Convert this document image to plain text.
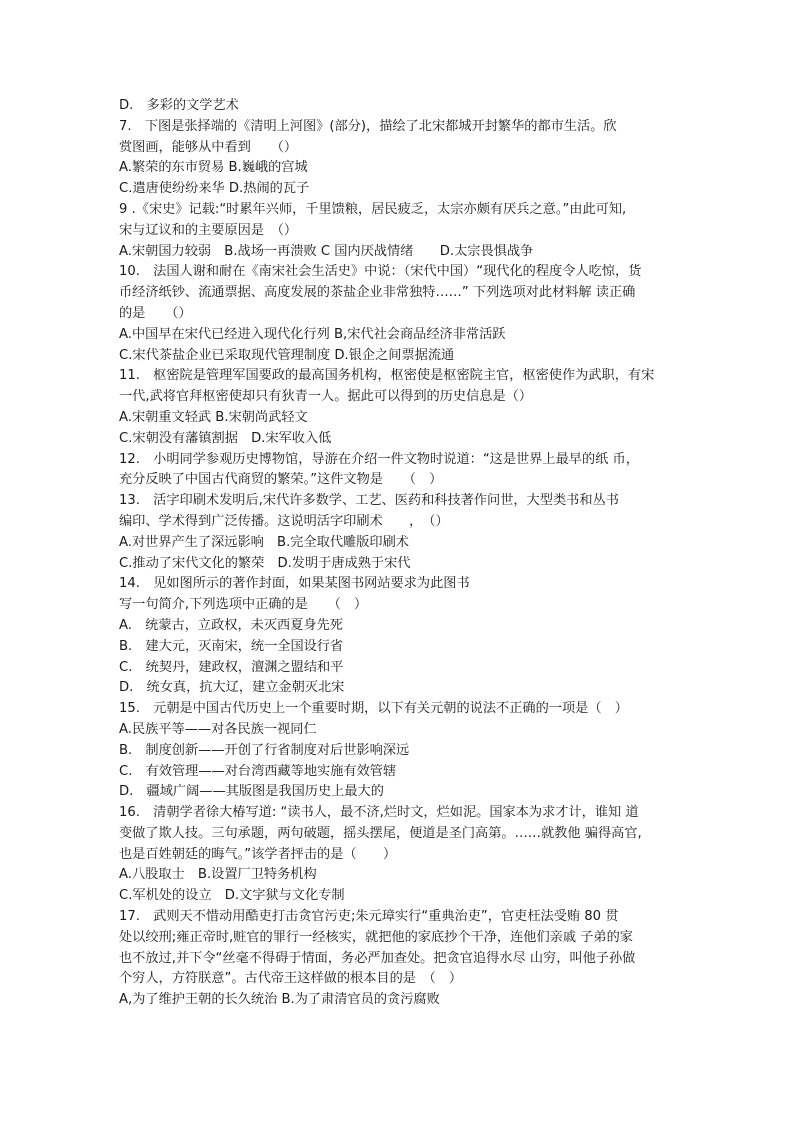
D.　多彩的文学艺术
7.　下图是张择端的《清明上河图》(部分)，描绘了北宋都城开封繁华的都市生活。欣
赏图画，能够从中看到　　（）
A.繁荣的东市贸易 B.巍峨的宫城
C.遣唐使纷纷来华 D.热闹的瓦子
9 .《宋史》记载:“时累年兴师，千里馈粮，居民疲乏，太宗亦颇有厌兵之意。”由此可知,
宋与辽议和的主要原因是　（）
A.宋朝国力较弱　B.战场一再溃败 C 国内厌战情绪　　D.太宗畏惧战争
10.　法国人谢和耐在《南宋社会生活史》中说：（宋代中国）“现代化的程度令人吃惊，货
币经济纸钞、流通票据、高度发展的茶盐企业非常独特……” 下列选项对此材料解 读正确
的是　　（）
A.中国早在宋代已经进入现代化行列 B,宋代社会商品经济非常活跃
C.宋代茶盐企业已采取现代管理制度 D.银企之间票据流通
11.　枢密院是管理军国要政的最高国务机构，枢密使是枢密院主官，枢密使作为武职，有宋
一代,武将官拜枢密使却只有狄青一人。据此可以得到的历史信息是（）
A.宋朝重文轻武 B.宋朝尚武轻文
C.宋朝没有藩镇割据　D.宋军收入低
12.　小明同学参观历史博物馆，导游在介绍一件文物时说道：“这是世界上最早的纸 币，
充分反映了中国古代商贸的繁荣。”这件文物是　　（　）
13.　活字印刷术发明后,宋代许多数学、工艺、医药和科技著作问世，大型类书和丛书
编印、学术得到广泛传播。这说明活字印刷术　　，　（）
A.对世界产生了深远影响　B.完全取代雕版印刷术
C.推动了宋代文化的繁荣　D.发明于唐成熟于宋代
14.　见如图所示的著作封面，如果某图书网站要求为此图书
写一句简介,下列选项中正确的是　　（　）
A.　统蒙古，立政权，未灭西夏身先死
B.　建大元，灭南宋，统一全国设行省
C.　统契丹，建政权，澶渊之盟结和平
D.　统女真，抗大辽，建立金朝灭北宋
15.　元朝是中国古代历史上一个重要时期，以下有关元朝的说法不正确的一项是（　）
A.民族平等——对各民族一视同仁
B.　制度创新——开创了行省制度对后世影响深远
C.　有效管理——对台湾西藏等地实施有效管辖
D.　疆域广阔——其版图是我国历史上最大的
16.　清朝学者徐大椿写道: “读书人，最不济,烂时文，烂如泥。国家本为求才计，谁知 道
变做了欺人技。三句承题，两句破题，摇头摆尾，便道是圣门高第。……就教他 骗得高官,
也是百姓朝廷的晦气。”该学者抨击的是（　　）
A.八股取士　B.设置厂卫特务机构
C.军机处的设立　D.文字狱与文化专制
17.　武则天不惜动用酷吏打击贪官污吏;朱元璋实行“重典治吏”，官吏枉法受贿 80 贯
处以绞刑;雍正帝时,赃官的罪行一经核实，就把他的家底抄个干净，连他们亲戚 子弟的家
也不放过,并下令“丝毫不得碍于情面，务必严加查处。把贪官追得水尽 山穷，叫他子孙做
个穷人，方符朕意”。古代帝王这样做的根本目的是　（　）
A,为了维护王朝的长久统治 B.为了肃清官员的贪污腐败
